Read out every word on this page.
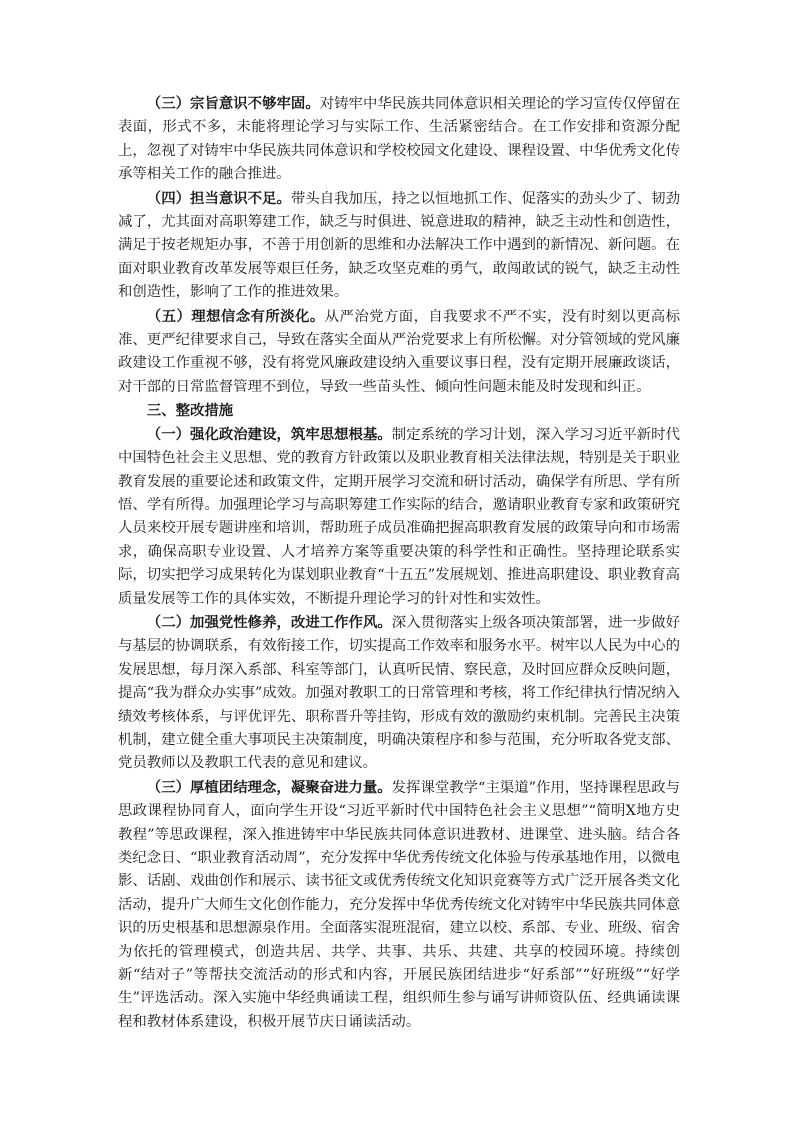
（三）宗旨意识不够牢固。对铸牢中华民族共同体意识相关理论的学习宣传仅停留在表面，形式不多，未能将理论学习与实际工作、生活紧密结合。在工作安排和资源分配上，忽视了对铸牢中华民族共同体意识和学校校园文化建设、课程设置、中华优秀文化传承等相关工作的融合推进。

（四）担当意识不足。带头自我加压，持之以恒地抓工作、促落实的劲头少了、韧劲减了，尤其面对高职筹建工作，缺乏与时俱进、锐意进取的精神，缺乏主动性和创造性，满足于按老规矩办事，不善于用创新的思维和办法解决工作中遇到的新情况、新问题。在面对职业教育改革发展等艰巨任务，缺乏攻坚克难的勇气，敢闯敢试的锐气，缺乏主动性和创造性，影响了工作的推进效果。

（五）理想信念有所淡化。从严治党方面，自我要求不严不实，没有时刻以更高标准、更严纪律要求自己，导致在落实全面从严治党要求上有所松懈。对分管领域的党风廉政建设工作重视不够，没有将党风廉政建设纳入重要议事日程，没有定期开展廉政谈话，对干部的日常监督管理不到位，导致一些苗头性、倾向性问题未能及时发现和纠正。

三、整改措施

（一）强化政治建设，筑牢思想根基。制定系统的学习计划，深入学习习近平新时代中国特色社会主义思想、党的教育方针政策以及职业教育相关法律法规，特别是关于职业教育发展的重要论述和政策文件，定期开展学习交流和研讨活动，确保学有所思、学有所悟、学有所得。加强理论学习与高职筹建工作实际的结合，邀请职业教育专家和政策研究人员来校开展专题讲座和培训，帮助班子成员准确把握高职教育发展的政策导向和市场需求，确保高职专业设置、人才培养方案等重要决策的科学性和正确性。坚持理论联系实际，切实把学习成果转化为谋划职业教育“十五五”发展规划、推进高职建设、职业教育高质量发展等工作的具体实效，不断提升理论学习的针对性和实效性。

（二）加强党性修养，改进工作作风。深入贯彻落实上级各项决策部署，进一步做好与基层的协调联系，有效衔接工作，切实提高工作效率和服务水平。树牢以人民为中心的发展思想，每月深入系部、科室等部门，认真听民情、察民意，及时回应群众反映问题，提高“我为群众办实事”成效。加强对教职工的日常管理和考核，将工作纪律执行情况纳入绩效考核体系，与评优评先、职称晋升等挂钩，形成有效的激励约束机制。完善民主决策机制，建立健全重大事项民主决策制度，明确决策程序和参与范围，充分听取各党支部、党员教师以及教职工代表的意见和建议。

（三）厚植团结理念，凝聚奋进力量。发挥课堂教学“主渠道”作用，坚持课程思政与思政课程协同育人，面向学生开设“习近平新时代中国特色社会主义思想”“简明X地方史教程”等思政课程，深入推进铸牢中华民族共同体意识进教材、进课堂、进头脑。结合各类纪念日、“职业教育活动周”，充分发挥中华优秀传统文化体验与传承基地作用，以微电影、话剧、戏曲创作和展示、读书征文或优秀传统文化知识竞赛等方式广泛开展各类文化活动，提升广大师生文化创作能力，充分发挥中华优秀传统文化对铸牢中华民族共同体意识的历史根基和思想源泉作用。全面落实混班混宿，建立以校、系部、专业、班级、宿舍为依托的管理模式，创造共居、共学、共事、共乐、共建、共享的校园环境。持续创新“结对子”等帮扶交流活动的形式和内容，开展民族团结进步“好系部”“好班级”“好学生”评选活动。深入实施中华经典诵读工程，组织师生参与诵写讲师资队伍、经典诵读课程和教材体系建设，积极开展节庆日诵读活动。
